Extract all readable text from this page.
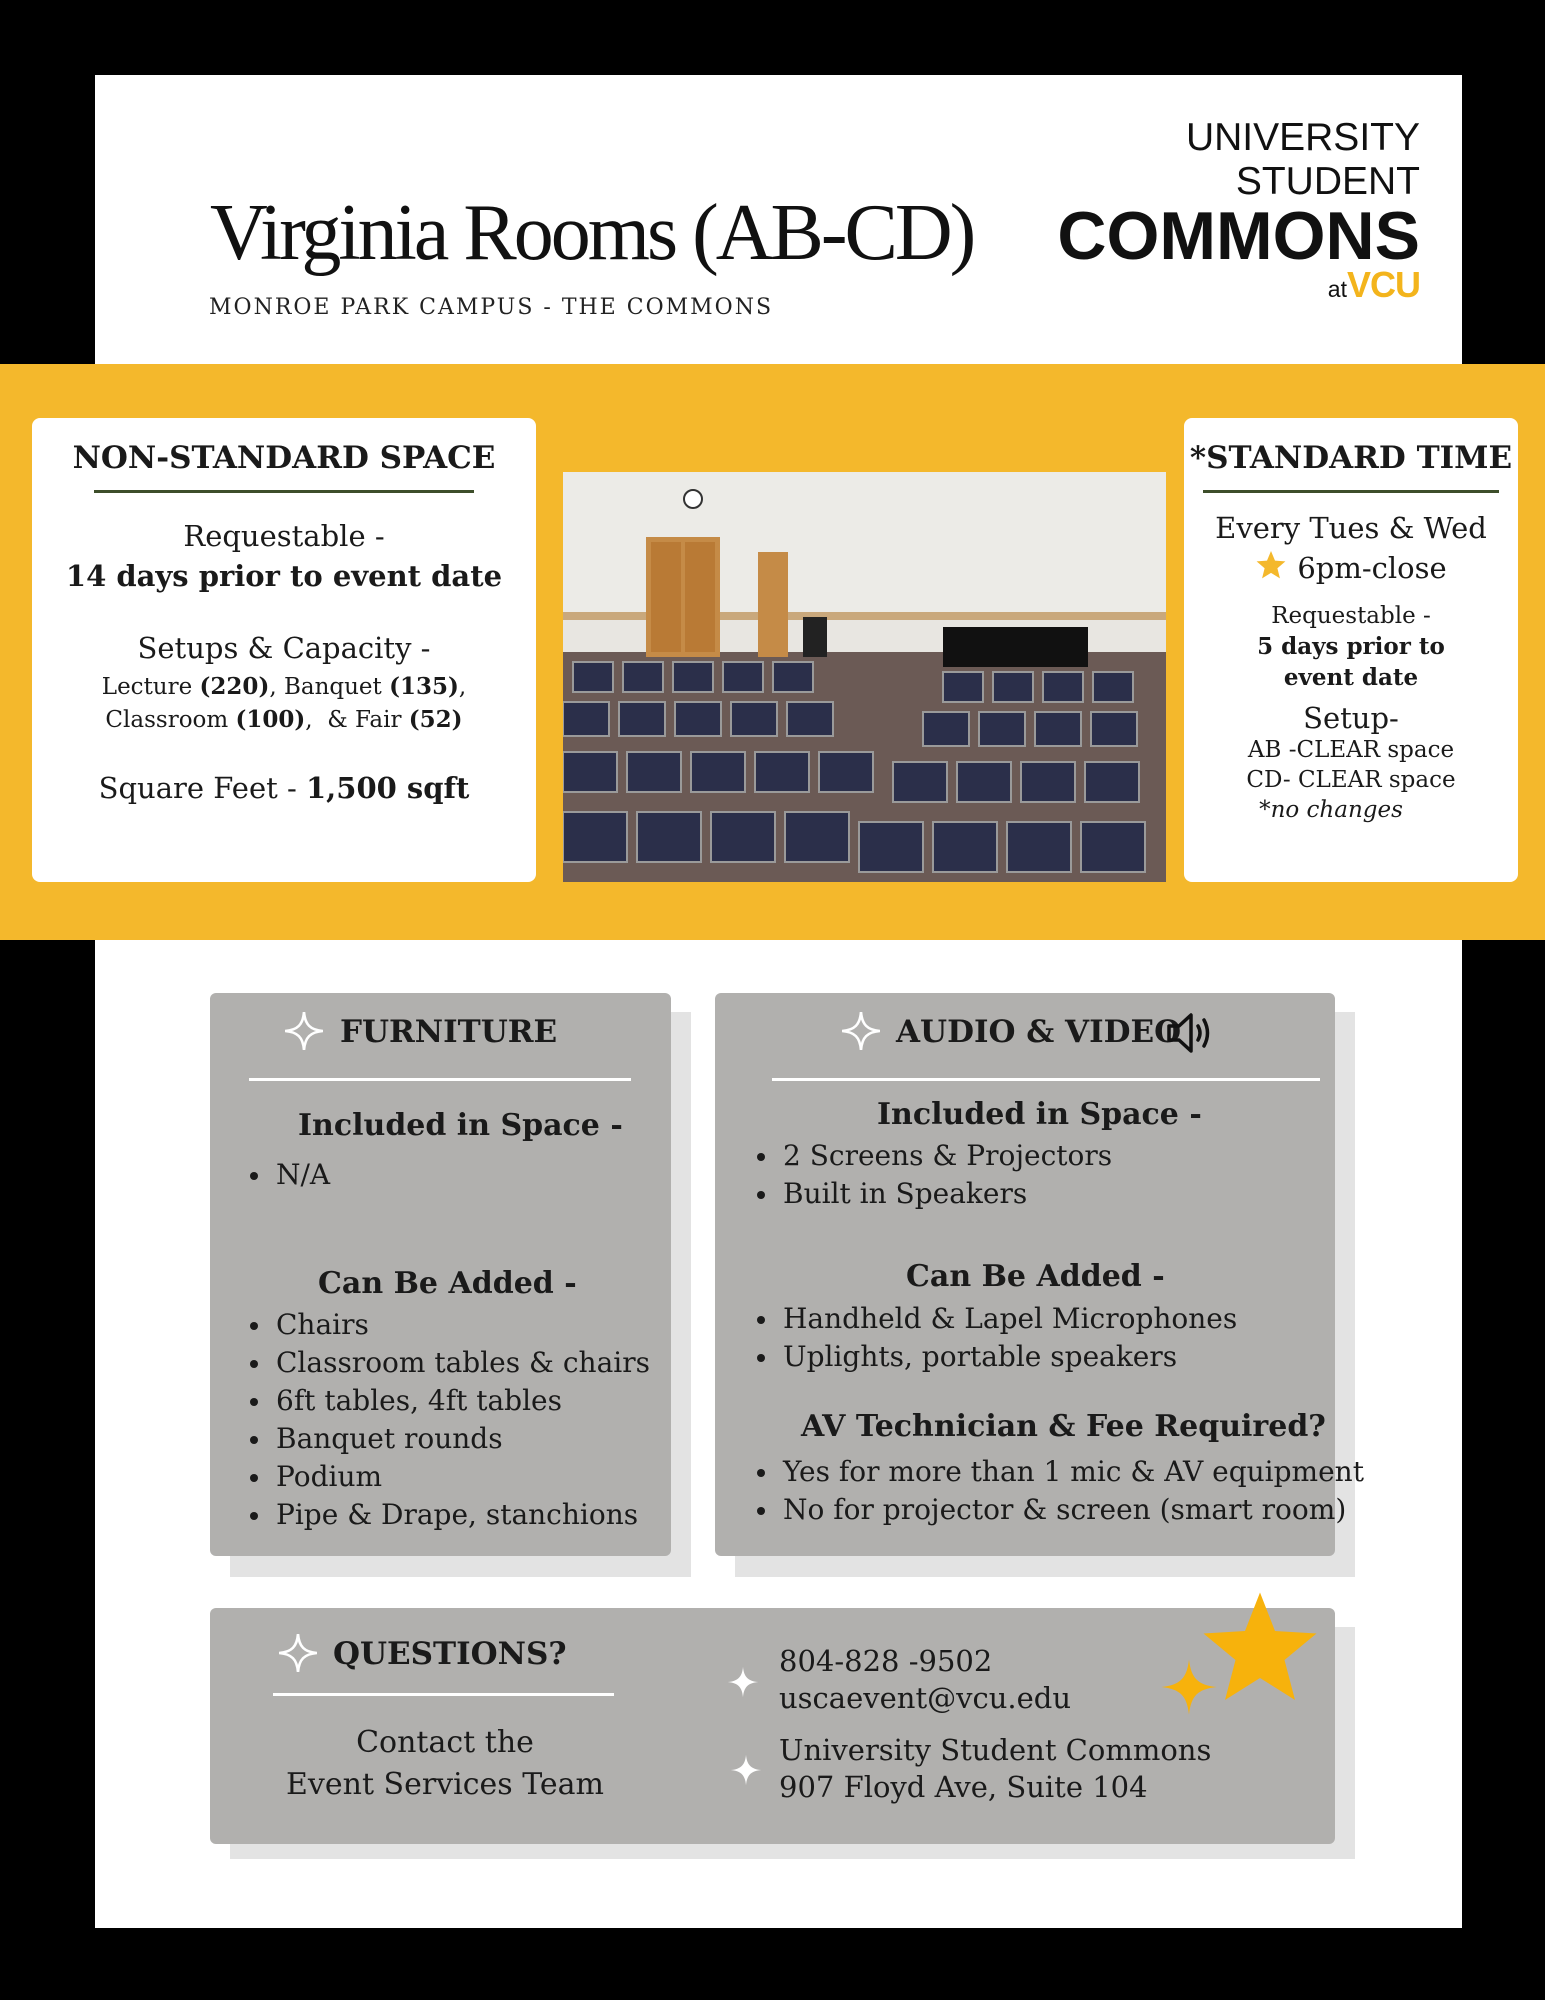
Virginia Rooms (AB-CD)
MONROE PARK CAMPUS - THE COMMONS
UNIVERSITY STUDENT
COMMONS
atVCU
NON-STANDARD SPACE
Requestable -
14 days prior to event date
Setups & Capacity -
Lecture (220), Banquet (135),
Classroom (100),  & Fair (52)
Square Feet - 1,500 sqft
*STANDARD TIME
Every Tues & Wed
6pm-close
Requestable -
5 days prior to
event date
Setup-
AB -CLEAR space
CD- CLEAR space
*no changes
FURNITURE
Included in Space -
N/A
Can Be Added -
Chairs
Classroom tables & chairs
6ft tables, 4ft tables
Banquet rounds
Podium
Pipe & Drape, stanchions
AUDIO & VIDEO
Included in Space -
2 Screens & Projectors
Built in Speakers
Can Be Added -
Handheld & Lapel Microphones
Uplights, portable speakers
AV Technician & Fee Required?
Yes for more than 1 mic & AV equipment
No for projector & screen (smart room)
QUESTIONS?
Contact the
Event Services Team
804-828 -9502
uscaevent@vcu.edu
University Student Commons
907 Floyd Ave, Suite 104
